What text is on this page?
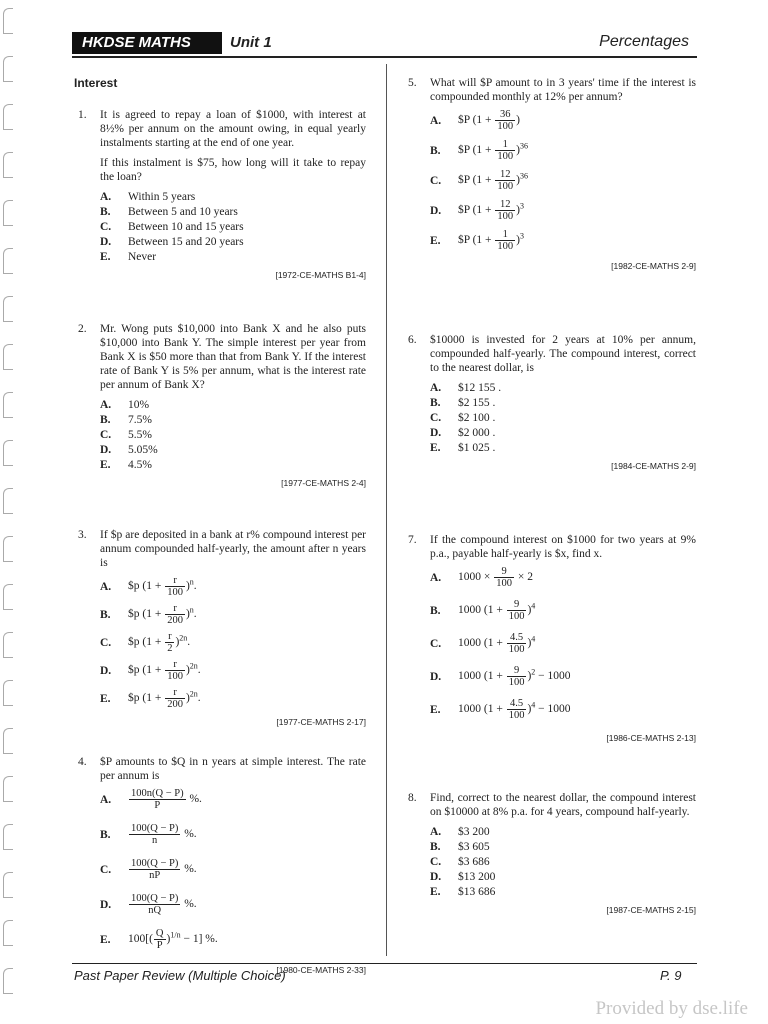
HKDSE MATHS	Unit 1	Percentages
Interest
1. It is agreed to repay a loan of $1000, with interest at 8½% per annum on the amount owing, in equal yearly instalments starting at the end of one year.

If this instalment is $75, how long will it take to repay the loan?

A.	Within 5 years
B.	Between 5 and 10 years
C.	Between 10 and 15 years
D.	Between 15 and 20 years
E.	Never
[1972-CE-MATHS B1-4]
2. Mr. Wong puts $10,000 into Bank X and he also puts $10,000 into Bank Y. The simple interest per year from Bank X is $50 more than that from Bank Y. If the interest rate of Bank Y is 5% per annum, what is the interest rate per annum of Bank X?

A.	10%
B.	7.5%
C.	5.5%
D.	5.05%
E.	4.5%
[1977-CE-MATHS 2-4]
3. If $p are deposited in a bank at r% compound interest per annum compounded half-yearly, the amount after n years is

A.	$p $(1 + \frac{r}{100} )^n$.
B.	$p $(1 + \frac{r}{200} )^n$.
C.	$p $(1 + \frac{r}{2} )^{2n}$.
D.	$p $(1 + \frac{r}{100} )^{2n}$.
E.	$p $(1 + \frac{r}{200} )^{2n}$.
[1977-CE-MATHS 2-17]
4. $P amounts to $Q in n years at simple interest. The rate per annum is

A.	$\frac{100n(Q - P)}{P}$ %.
B.	$\frac{100(Q - P)}{n}$ %.
C.	$\frac{100(Q - P)}{nP}$ %.
D.	$\frac{100(Q - P)}{nQ}$ %.
E.	$100[( \frac{Q}{P} )^{1/n} - 1]$ %.
[1980-CE-MATHS 2-33]
5. What will $P amount to in 3 years' time if the interest is compounded monthly at 12% per annum?

A.	$P ($1 + \frac{36}{100}$ )
B.	$P $(1 + \frac{1}{100} )^{36}$
C.	$P $(1 + \frac{12}{100} )^{36}$
D.	$P $(1 + \frac{12}{100} )^3$
E.	$P $(1 + \frac{1}{100} )^3$
[1982-CE-MATHS 2-9]
6. $10000 is invested for 2 years at 10% per annum, compounded half-yearly. The compound interest, correct to the nearest dollar, is

A.	$12 155 .
B.	$2 155 .
C.	$2 100 .
D.	$2 000 .
E.	$1 025 .
[1984-CE-MATHS 2-9]
7. If the compound interest on $1000 for two years at 9% p.a., payable half-yearly is $x, find x.

A.	$1000 \times \frac{9}{100} \times 2$
B.	1000 $(1 + \frac{9}{100} )^4$
C.	1000 $(1 + \frac{4.5}{100} )^4$
D.	1000 $(1 + \frac{9}{100} )^2 - 1000$
E.	1000 $(1 + \frac{4.5}{100} )^4 - 1000$
[1986-CE-MATHS 2-13]
8. Find, correct to the nearest dollar, the compound interest on $10000 at 8% p.a. for 4 years, compound half-yearly.

A.	$3 200
B.	$3 605
C.	$3 686
D.	$13 200
E.	$13 686
[1987-CE-MATHS 2-15]
Past Paper Review (Multiple Choice)	P. 9
Provided by dse.life
